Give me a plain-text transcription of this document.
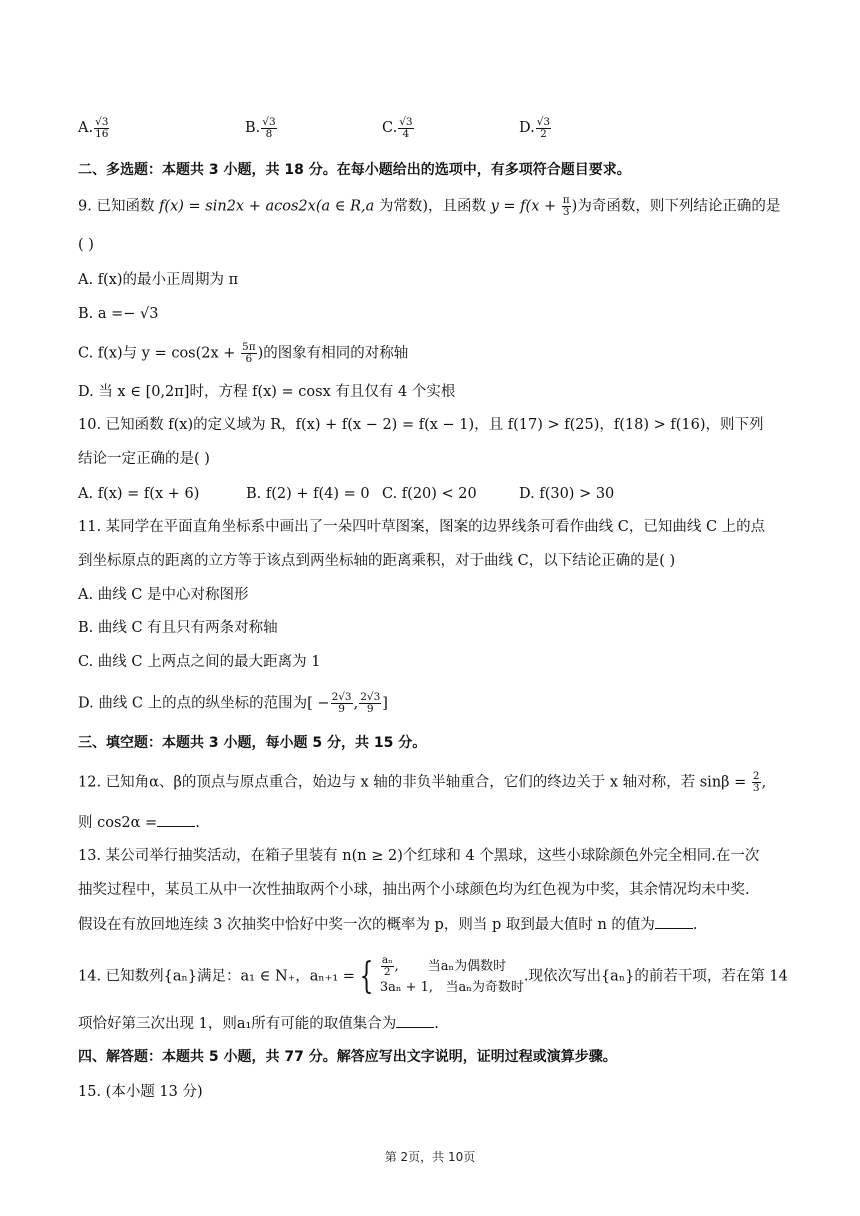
A. $\frac{√3}{16}$	B. $\frac{√3}{8}$	C. $\frac{√3}{4}$	D. $\frac{√3}{2}$
二、多选题：本题共 3 小题，共 18 分。在每小题给出的选项中，有多项符合题目要求。
9. 已知函数 f(x) = sin2x + acos2x(a ∈ R,a 为常数)，且函数 $y = f(x + \frac{\pi}{3}$ )为奇函数，则下列结论正确的是
( )
A. f(x)的最小正周期为 π
B. a =− √3
C. f(x)与 $y = \cos(2x + \frac{5\pi}{6}$ )的图象有相同的对称轴
D. 当 x ∈ [0,2π]时，方程 f(x) = cosx 有且仅有 4 个实根
10. 已知函数 f(x)的定义域为 R，f(x) + f(x − 2) = f(x − 1)，且 f(17) > f(25)，f(18) > f(16)，则下列
结论一定正确的是( )
A. f(x) = f(x + 6)	B. f(2) + f(4) = 0 C. f(20) < 20	D. f(30) > 30
11. 某同学在平面直角坐标系中画出了一朵四叶草图案，图案的边界线条可看作曲线 C，已知曲线 C 上的点
到坐标原点的距离的立方等于该点到两坐标轴的距离乘积，对于曲线 C，以下结论正确的是( )
A. 曲线 C 是中心对称图形
B. 曲线 C 有且只有两条对称轴
C. 曲线 C 上两点之间的最大距离为 1
D. 曲线 C 上的点的纵坐标的范围为[ − $\frac{2√3}{9}$ , $\frac{2√3}{9}$ ]
三、填空题：本题共 3 小题，每小题 5 分，共 15 分。
12. 已知角α、β的顶点与原点重合，始边与 x 轴的非负半轴重合，它们的终边关于 x 轴对称，若 $\sin\beta = \frac{2}{3}$ ,
则 cos2α =	.
13. 某公司举行抽奖活动，在箱子里装有 n(n ≥ 2)个红球和 4 个黑球，这些小球除颜色外完全相同.在一次
抽奖过程中，某员工从中一次性抽取两个小球，抽出两个小球颜色均为红色视为中奖，其余情况均未中奖.
假设在有放回地连续 3 次抽奖中恰好中奖一次的概率为 p，则当 p 取到最大值时 n 的值为	.
14. 已知数列{aₙ}满足：a₁ ∈ N₊，aₙ₊₁ = { $\frac{\text{aₙ}}{2}$ ,       当aₙ为偶数时
3aₙ + 1, 当aₙ为奇数时
.现依次写出{aₙ}的前若干项，若在第 14
项恰好第三次出现 1，则a₁所有可能的取值集合为	.
四、解答题：本题共 5 小题，共 77 分。解答应写出文字说明，证明过程或演算步骤。
15. (本小题 13 分)
第 2页，共 10页
